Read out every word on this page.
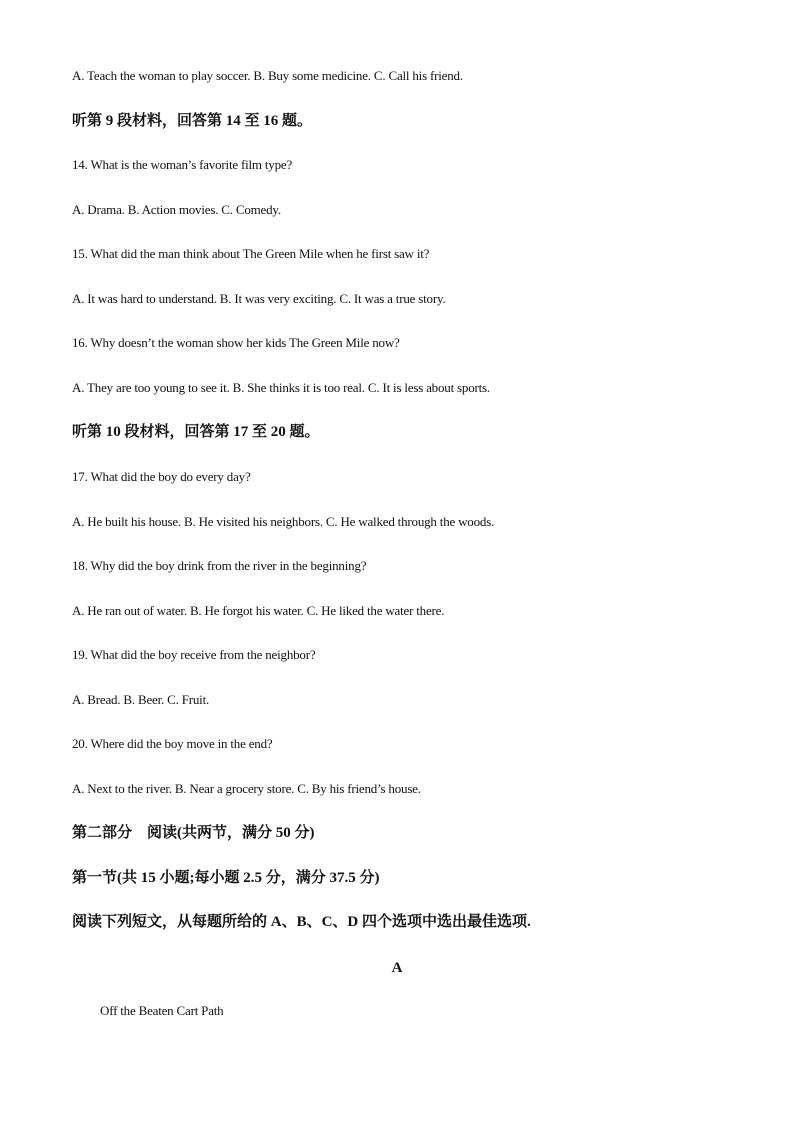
A. Teach the woman to play soccer. B. Buy some medicine. C. Call his friend.
听第 9 段材料，回答第 14 至 16 题。
14. What is the woman’s favorite film type?
A. Drama. B. Action movies. C. Comedy.
15. What did the man think about The Green Mile when he first saw it?
A. It was hard to understand. B. It was very exciting. C. It was a true story.
16. Why doesn’t the woman show her kids The Green Mile now?
A. They are too young to see it. B. She thinks it is too real. C. It is less about sports.
听第 10 段材料，回答第 17 至 20 题。
17. What did the boy do every day?
A. He built his house. B. He visited his neighbors. C. He walked through the woods.
18. Why did the boy drink from the river in the beginning?
A. He ran out of water. B. He forgot his water. C. He liked the water there.
19. What did the boy receive from the neighbor?
A. Bread. B. Beer. C. Fruit.
20. Where did the boy move in the end?
A. Next to the river. B. Near a grocery store. C. By his friend’s house.
第二部分　阅读(共两节，满分 50 分)
第一节(共 15 小题;每小题 2.5 分，满分 37.5 分)
阅读下列短文，从每题所给的 A、B、C、D 四个选项中选出最佳选项.
A
Off the Beaten Cart Path
